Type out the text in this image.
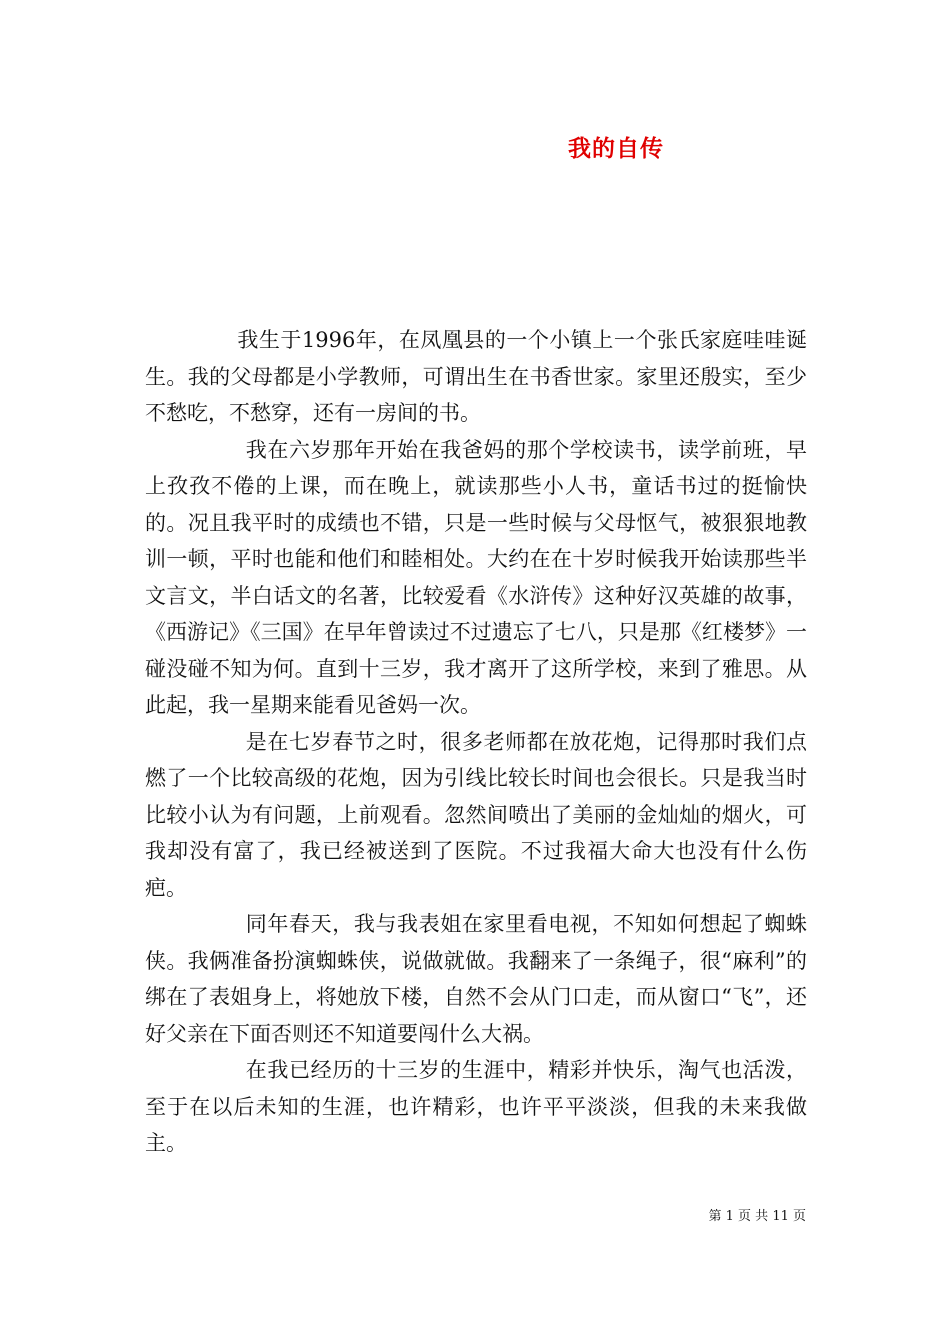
我的自传

我生于1996年，在凤凰县的一个小镇上一个张氏家庭哇哇诞生。我的父母都是小学教师，可谓出生在书香世家。家里还殷实，至少不愁吃，不愁穿，还有一房间的书。

我在六岁那年开始在我爸妈的那个学校读书，读学前班，早上孜孜不倦的上课，而在晚上，就读那些小人书，童话书过的挺愉快的。况且我平时的成绩也不错，只是一些时候与父母怄气，被狠狠地教训一顿，平时也能和他们和睦相处。大约在在十岁时候我开始读那些半文言文，半白话文的名著，比较爱看《水浒传》这种好汉英雄的故事，《西游记》《三国》在早年曾读过不过遗忘了七八，只是那《红楼梦》一碰没碰不知为何。直到十三岁，我才离开了这所学校，来到了雅思。从此起，我一星期来能看见爸妈一次。

是在七岁春节之时，很多老师都在放花炮，记得那时我们点燃了一个比较高级的花炮，因为引线比较长时间也会很长。只是我当时比较小认为有问题，上前观看。忽然间喷出了美丽的金灿灿的烟火，可我却没有富了，我已经被送到了医院。不过我福大命大也没有什么伤疤。

同年春天，我与我表姐在家里看电视，不知如何想起了蜘蛛侠。我俩准备扮演蜘蛛侠，说做就做。我翻来了一条绳子，很“麻利”的绑在了表姐身上，将她放下楼，自然不会从门口走，而从窗口“飞”，还好父亲在下面否则还不知道要闯什么大祸。

在我已经历的十三岁的生涯中，精彩并快乐，淘气也活泼，至于在以后未知的生涯，也许精彩，也许平平淡淡，但我的未来我做主。

第 1 页 共 11 页
